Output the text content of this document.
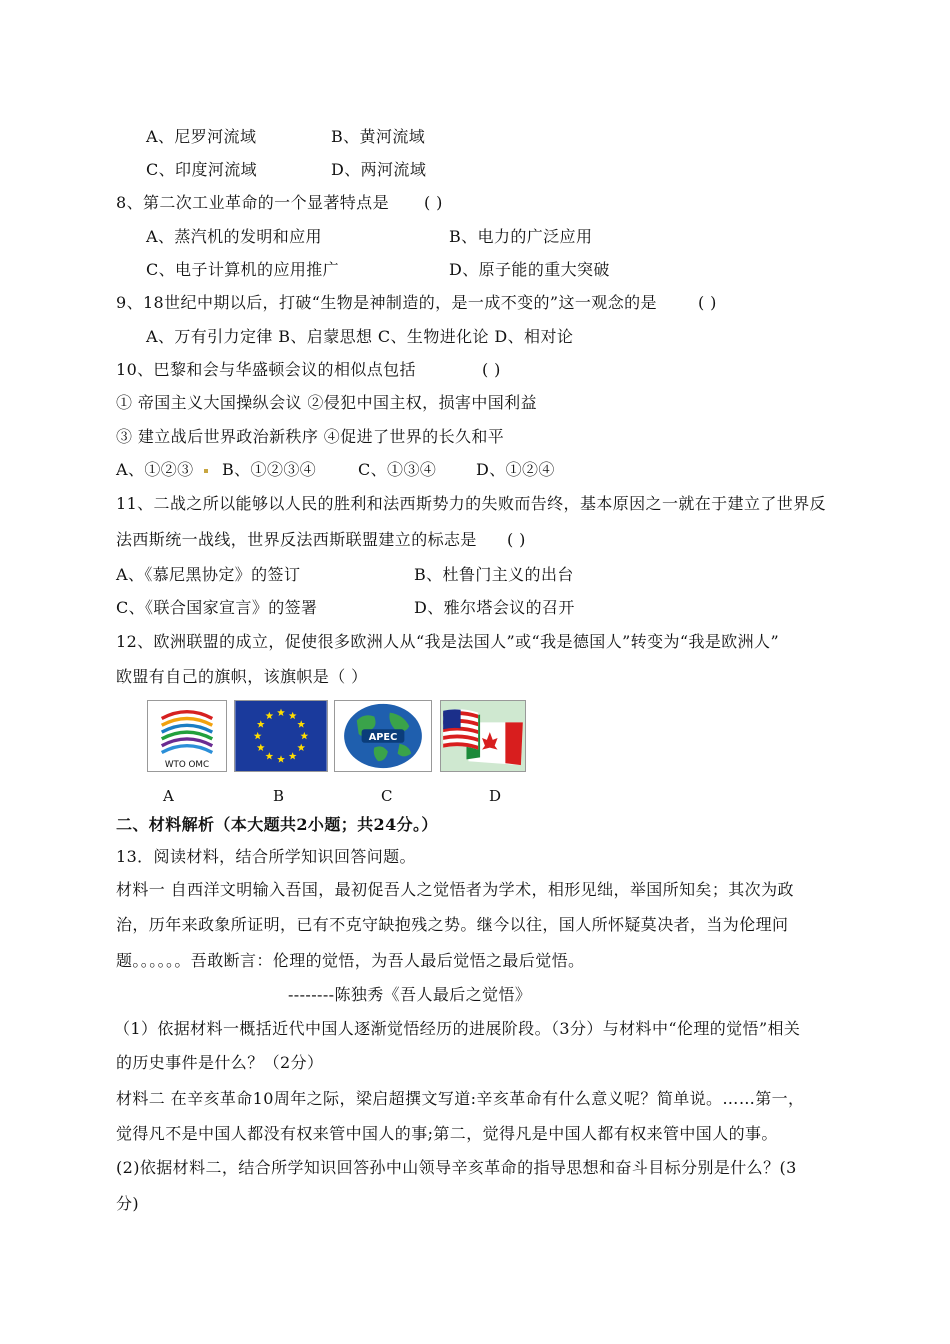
A、尼罗河流域	B、黄河流域
C、印度河流域	D、两河流域
8、第二次工业革命的一个显著特点是 ( )
A、蒸汽机的发明和应用	B、电力的广泛应用
C、电子计算机的应用推广	D、原子能的重大突破
9、18世纪中期以后，打破“生物是神制造的，是一成不变的”这一观念的是	( )
A、万有引力定律 B、启蒙思想 C、生物进化论 D、相对论
10、巴黎和会与华盛顿会议的相似点包括	( )
① 帝国主义大国操纵会议 ②侵犯中国主权，损害中国利益
③ 建立战后世界政治新秩序 ④促进了世界的长久和平
A、①②③ B、①②③④	C、①③④ D、①②④
11、二战之所以能够以人民的胜利和法西斯势力的失败而告终，基本原因之一就在于建立了世界反
法西斯统一战线，世界反法西斯联盟建立的标志是 ( )
A、《慕尼黑协定》的签订	B、杜鲁门主义的出台
C、《联合国家宣言》的签署	D、雅尔塔会议的召开
12、欧洲联盟的成立，促使很多欧洲人从“我是法国人”或“我是德国人”转变为“我是欧洲人”
欧盟有自己的旗帜，该旗帜是（ ）
WTO OMC
APEC
A	B	C	D
二、材料解析（本大题共2小题；共24分。）
13．阅读材料，结合所学知识回答问题。
材料一 自西洋文明输入吾国，最初促吾人之觉悟者为学术，相形见绌，举国所知矣；其次为政
治，历年来政象所证明，已有不克守缺抱残之势。继今以往，国人所怀疑莫决者，当为伦理问
题。。。。。。吾敢断言：伦理的觉悟，为吾人最后觉悟之最后觉悟。
--------陈独秀《吾人最后之觉悟》
（1）依据材料一概括近代中国人逐渐觉悟经历的进展阶段。（3分）与材料中“伦理的觉悟”相关
的历史事件是什么？（2分）
材料二 在辛亥革命10周年之际，梁启超撰文写道:辛亥革命有什么意义呢？简单说。……第一，
觉得凡不是中国人都没有权来管中国人的事;第二，觉得凡是中国人都有权来管中国人的事。
(2)依据材料二，结合所学知识回答孙中山领导辛亥革命的指导思想和奋斗目标分别是什么？(3
分)
